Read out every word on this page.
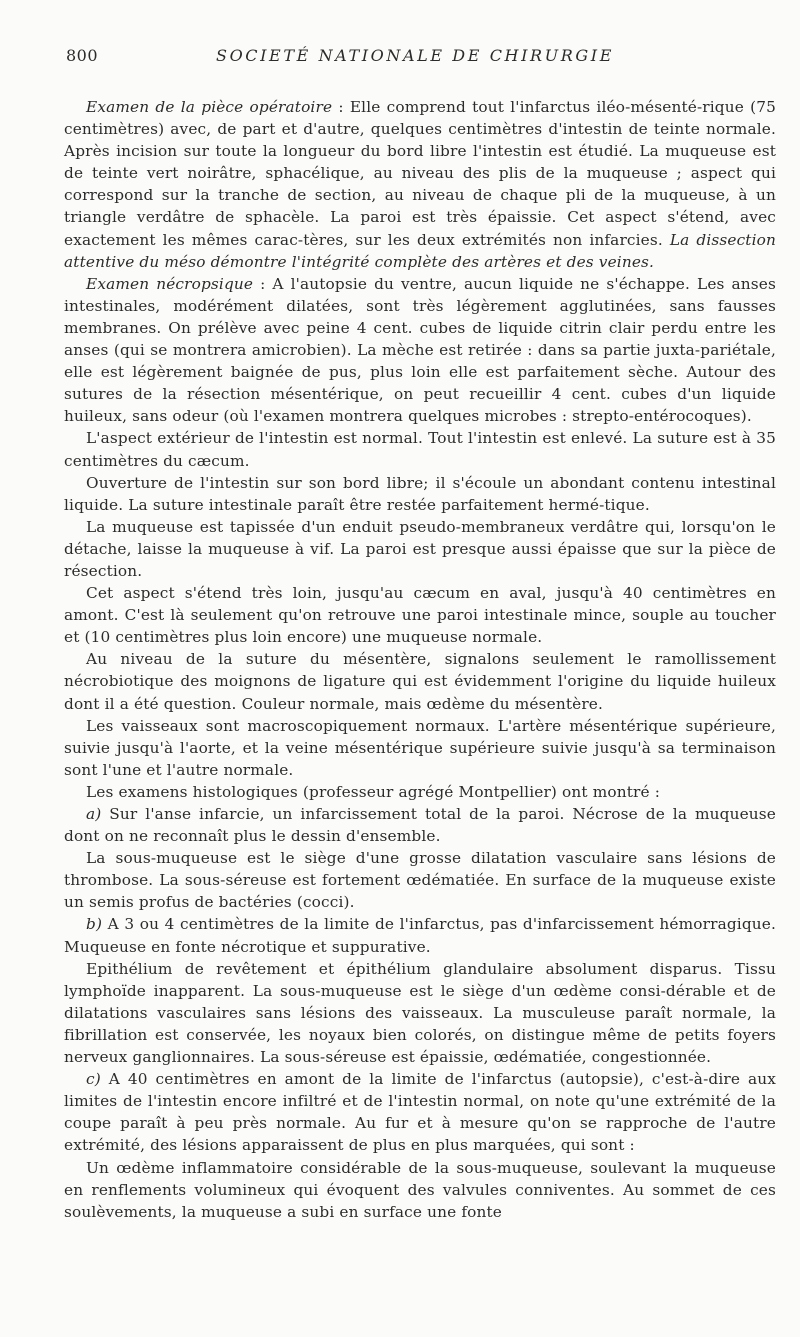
800	SOCIETÉ NATIONALE DE CHIRURGIE

Examen de la pièce opératoire : Elle comprend tout l'infarctus iléo-mésenté-rique (75 centimètres) avec, de part et d'autre, quelques centimètres d'intestin de teinte normale. Après incision sur toute la longueur du bord libre l'intestin est étudié. La muqueuse est de teinte vert noirâtre, sphacélique, au niveau des plis de la muqueuse ; aspect qui correspond sur la tranche de section, au niveau de chaque pli de la muqueuse, à un triangle verdâtre de sphacèle. La paroi est très épaissie. Cet aspect s'étend, avec exactement les mêmes carac-tères, sur les deux extrémités non infarcies. La dissection attentive du méso démontre l'intégrité complète des artères et des veines.

Examen nécropsique : A l'autopsie du ventre, aucun liquide ne s'échappe. Les anses intestinales, modérément dilatées, sont très légèrement agglutinées, sans fausses membranes. On prélève avec peine 4 cent. cubes de liquide citrin clair perdu entre les anses (qui se montrera amicrobien). La mèche est retirée : dans sa partie juxta-pariétale, elle est légèrement baignée de pus, plus loin elle est parfaitement sèche. Autour des sutures de la résection mésentérique, on peut recueillir 4 cent. cubes d'un liquide huileux, sans odeur (où l'examen montrera quelques microbes : strepto-entérocoques).

L'aspect extérieur de l'intestin est normal. Tout l'intestin est enlevé. La suture est à 35 centimètres du cæcum.

Ouverture de l'intestin sur son bord libre; il s'écoule un abondant contenu intestinal liquide. La suture intestinale paraît être restée parfaitement hermé-tique.

La muqueuse est tapissée d'un enduit pseudo-membraneux verdâtre qui, lorsqu'on le détache, laisse la muqueuse à vif. La paroi est presque aussi épaisse que sur la pièce de résection.

Cet aspect s'étend très loin, jusqu'au cæcum en aval, jusqu'à 40 centimètres en amont. C'est là seulement qu'on retrouve une paroi intestinale mince, souple au toucher et (10 centimètres plus loin encore) une muqueuse normale.

Au niveau de la suture du mésentère, signalons seulement le ramollissement nécrobiotique des moignons de ligature qui est évidemment l'origine du liquide huileux dont il a été question. Couleur normale, mais œdème du mésentère.

Les vaisseaux sont macroscopiquement normaux. L'artère mésentérique supérieure, suivie jusqu'à l'aorte, et la veine mésentérique supérieure suivie jusqu'à sa terminaison sont l'une et l'autre normale.

Les examens histologiques (professeur agrégé Montpellier) ont montré :

a) Sur l'anse infarcie, un infarcissement total de la paroi. Nécrose de la muqueuse dont on ne reconnaît plus le dessin d'ensemble.

La sous-muqueuse est le siège d'une grosse dilatation vasculaire sans lésions de thrombose. La sous-séreuse est fortement œdématiée. En surface de la muqueuse existe un semis profus de bactéries (cocci).

b) A 3 ou 4 centimètres de la limite de l'infarctus, pas d'infarcissement hémorragique. Muqueuse en fonte nécrotique et suppurative.

Epithélium de revêtement et épithélium glandulaire absolument disparus. Tissu lymphoïde inapparent. La sous-muqueuse est le siège d'un œdème consi-dérable et de dilatations vasculaires sans lésions des vaisseaux. La musculeuse paraît normale, la fibrillation est conservée, les noyaux bien colorés, on distingue même de petits foyers nerveux ganglionnaires. La sous-séreuse est épaissie, œdématiée, congestionnée.

c) A 40 centimètres en amont de la limite de l'infarctus (autopsie), c'est-à-dire aux limites de l'intestin encore infiltré et de l'intestin normal, on note qu'une extrémité de la coupe paraît à peu près normale. Au fur et à mesure qu'on se rapproche de l'autre extrémité, des lésions apparaissent de plus en plus marquées, qui sont :

Un œdème inflammatoire considérable de la sous-muqueuse, soulevant la muqueuse en renflements volumineux qui évoquent des valvules conniventes. Au sommet de ces soulèvements, la muqueuse a subi en surface une fonte
